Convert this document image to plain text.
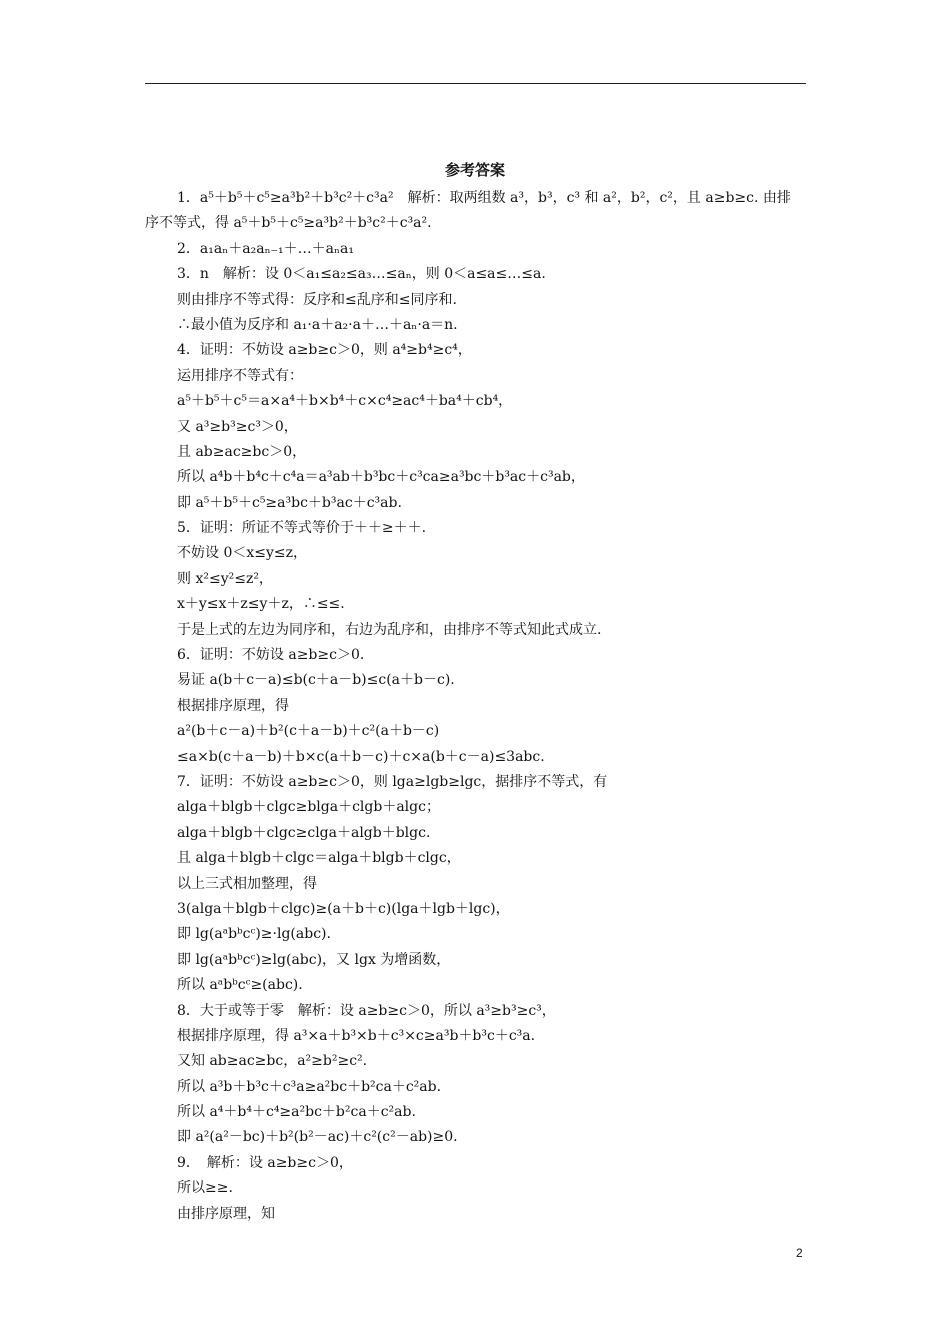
参考答案
1．a⁵＋b⁵＋c⁵≥a³b²＋b³c²＋c³a²　解析：取两组数 a³，b³，c³ 和 a²，b²，c²，且 a≥b≥c. 由排
序不等式，得 a⁵＋b⁵＋c⁵≥a³b²＋b³c²＋c³a².
2．a₁aₙ＋a₂aₙ₋₁＋…＋aₙa₁
3．n　解析：设 0＜a₁≤a₂≤a₃…≤aₙ，则 0＜a≤a≤…≤a.
则由排序不等式得：反序和≤乱序和≤同序和.
∴最小值为反序和 a₁·a＋a₂·a＋…＋aₙ·a＝n.
4．证明：不妨设 a≥b≥c＞0，则 a⁴≥b⁴≥c⁴，
运用排序不等式有：
a⁵＋b⁵＋c⁵＝a×a⁴＋b×b⁴＋c×c⁴≥ac⁴＋ba⁴＋cb⁴，
又 a³≥b³≥c³＞0，
且 ab≥ac≥bc＞0，
所以 a⁴b＋b⁴c＋c⁴a＝a³ab＋b³bc＋c³ca≥a³bc＋b³ac＋c³ab，
即 a⁵＋b⁵＋c⁵≥a³bc＋b³ac＋c³ab.
5．证明：所证不等式等价于＋＋≥＋＋.
不妨设 0＜x≤y≤z，
则 x²≤y²≤z²，
x＋y≤x＋z≤y＋z，∴≤≤.
于是上式的左边为同序和，右边为乱序和，由排序不等式知此式成立.
6．证明：不妨设 a≥b≥c＞0.
易证 a(b＋c－a)≤b(c＋a－b)≤c(a＋b－c).
根据排序原理，得
a²(b＋c－a)＋b²(c＋a－b)＋c²(a＋b－c)
≤a×b(c＋a－b)＋b×c(a＋b－c)＋c×a(b＋c－a)≤3abc.
7．证明：不妨设 a≥b≥c＞0，则 lga≥lgb≥lgc，据排序不等式，有
alga＋blgb＋clgc≥blga＋clgb＋algc；
alga＋blgb＋clgc≥clga＋algb＋blgc.
且 alga＋blgb＋clgc＝alga＋blgb＋clgc，
以上三式相加整理，得
3(alga＋blgb＋clgc)≥(a＋b＋c)(lga＋lgb＋lgc)，
即 lg(aᵃbᵇcᶜ)≥·lg(abc).
即 lg(aᵃbᵇcᶜ)≥lg(abc)，又 lgx 为增函数，
所以 aᵃbᵇcᶜ≥(abc).
8．大于或等于零　解析：设 a≥b≥c＞0，所以 a³≥b³≥c³，
根据排序原理，得 a³×a＋b³×b＋c³×c≥a³b＋b³c＋c³a.
又知 ab≥ac≥bc，a²≥b²≥c².
所以 a³b＋b³c＋c³a≥a²bc＋b²ca＋c²ab.
所以 a⁴＋b⁴＋c⁴≥a²bc＋b²ca＋c²ab.
即 a²(a²－bc)＋b²(b²－ac)＋c²(c²－ab)≥0.
9．　解析：设 a≥b≥c＞0，
所以≥≥.
由排序原理，知
2
